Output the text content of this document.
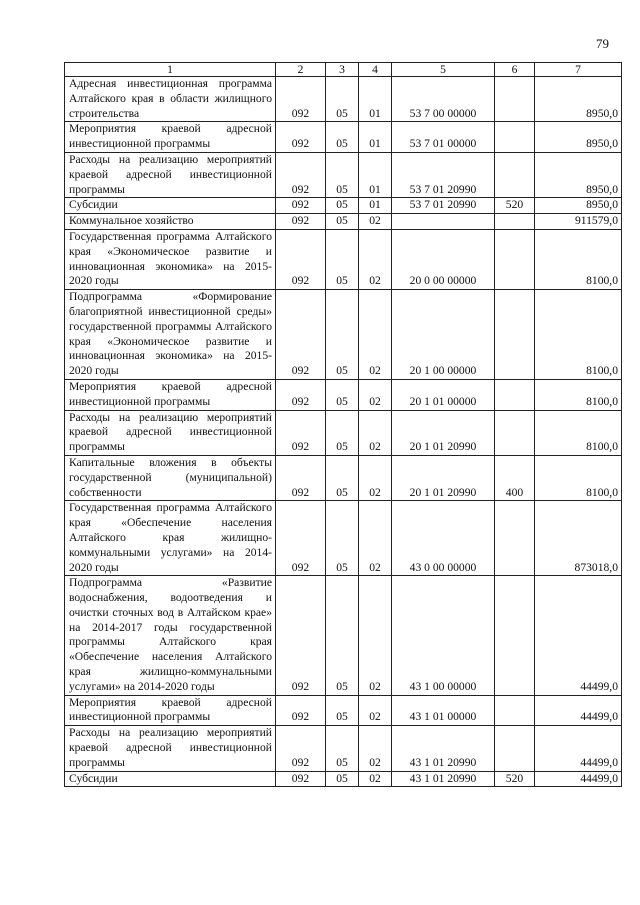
79
1	2	3	4	5	6	7
Адресная инвестиционная программа Алтайского края в области жилищного строительства	092	05	01	53 7 00 00000		8950,0
Мероприятия краевой адресной инвестиционной программы	092	05	01	53 7 01 00000		8950,0
Расходы на реализацию мероприятий краевой адресной инвестиционной программы	092	05	01	53 7 01 20990		8950,0
Субсидии	092	05	01	53 7 01 20990	520	8950,0
Коммунальное хозяйство	092	05	02			911579,0
Государственная программа Алтайского края «Экономическое развитие и инновационная экономика» на 2015-2020 годы	092	05	02	20 0 00 00000		8100,0
Подпрограмма «Формирование благоприятной инвестиционной среды» государственной программы Алтайского края «Экономическое развитие и инновационная экономика» на 2015-2020 годы	092	05	02	20 1 00 00000		8100,0
Мероприятия краевой адресной инвестиционной программы	092	05	02	20 1 01 00000		8100,0
Расходы на реализацию мероприятий краевой адресной инвестиционной программы	092	05	02	20 1 01 20990		8100,0
Капитальные вложения в объекты государственной (муниципальной) собственности	092	05	02	20 1 01 20990	400	8100,0
Государственная программа Алтайского края «Обеспечение населения Алтайского края жилищно-коммунальными услугами» на 2014-2020 годы	092	05	02	43 0 00 00000		873018,0
Подпрограмма «Развитие водоснабжения, водоотведения и очистки сточных вод в Алтайском крае» на 2014-2017 годы государственной программы Алтайского края «Обеспечение населения Алтайского края жилищно-коммунальными услугами» на 2014-2020 годы	092	05	02	43 1 00 00000		44499,0
Мероприятия краевой адресной инвестиционной программы	092	05	02	43 1 01 00000		44499,0
Расходы на реализацию мероприятий краевой адресной инвестиционной программы	092	05	02	43 1 01 20990		44499,0
Субсидии	092	05	02	43 1 01 20990	520	44499,0
